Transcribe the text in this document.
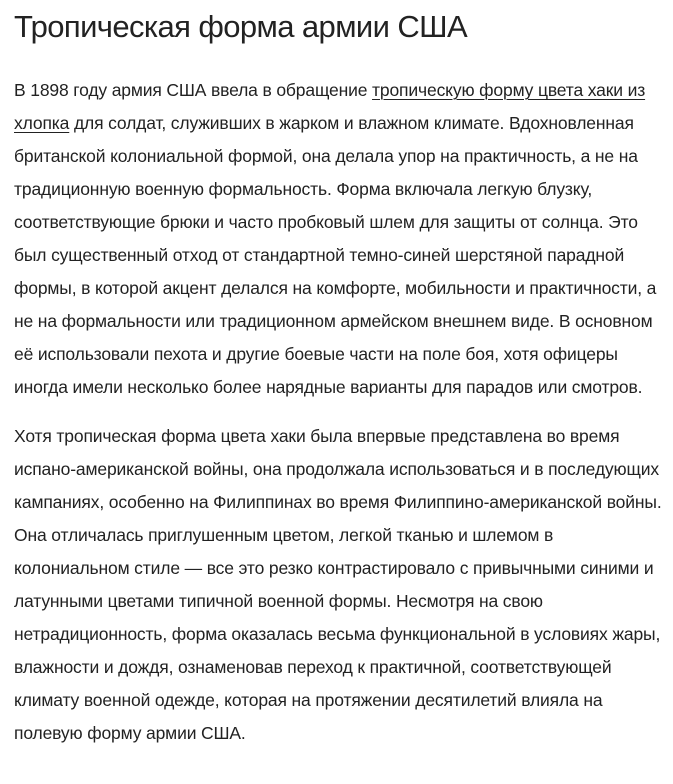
Тропическая форма армии США

В 1898 году армия США ввела в обращение тропическую форму цвета хаки из хлопка для солдат, служивших в жарком и влажном климате. Вдохновленная британской колониальной формой, она делала упор на практичность, а не на традиционную военную формальность. Форма включала легкую блузку, соответствующие брюки и часто пробковый шлем для защиты от солнца. Это был существенный отход от стандартной темно-синей шерстяной парадной формы, в которой акцент делался на комфорте, мобильности и практичности, а не на формальности или традиционном армейском внешнем виде. В основном её использовали пехота и другие боевые части на поле боя, хотя офицеры иногда имели несколько более нарядные варианты для парадов или смотров.

Хотя тропическая форма цвета хаки была впервые представлена во время испано-американской войны, она продолжала использоваться и в последующих кампаниях, особенно на Филиппинах во время Филиппино-американской войны. Она отличалась приглушенным цветом, легкой тканью и шлемом в колониальном стиле — все это резко контрастировало с привычными синими и латунными цветами типичной военной формы. Несмотря на свою нетрадиционность, форма оказалась весьма функциональной в условиях жары, влажности и дождя, ознаменовав переход к практичной, соответствующей климату военной одежде, которая на протяжении десятилетий влияла на полевую форму армии США.
